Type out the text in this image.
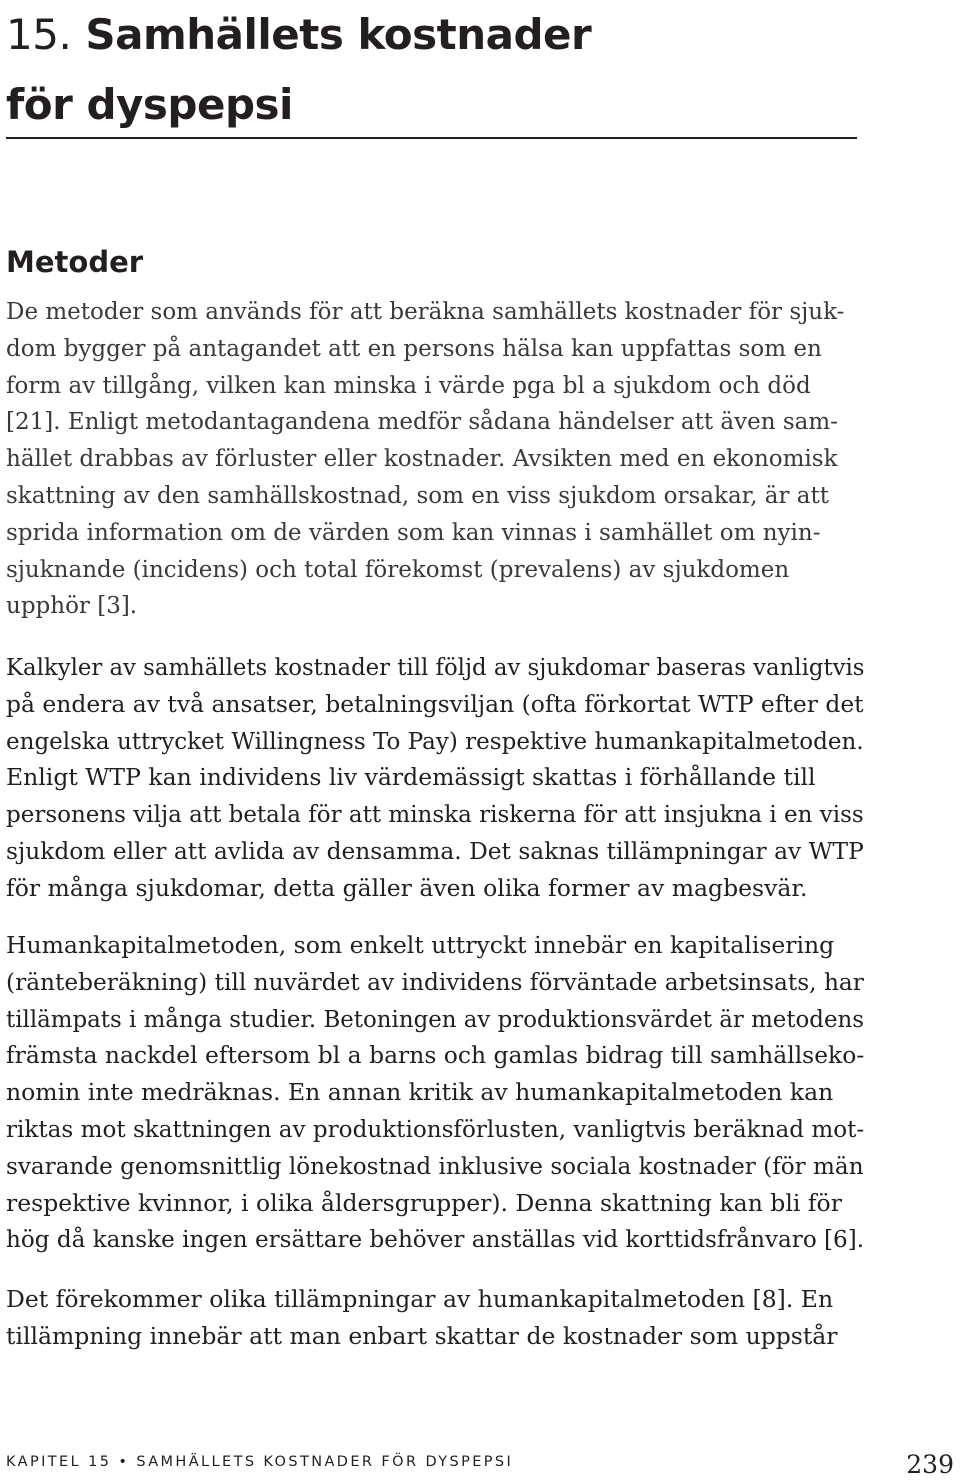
15. Samhällets kostnader
för dyspepsi
Metoder
De metoder som används för att beräkna samhällets kostnader för sjuk-
dom bygger på antagandet att en persons hälsa kan uppfattas som en
form av tillgång, vilken kan minska i värde pga bl a sjukdom och död
[21]. Enligt metodantagandena medför sådana händelser att även sam-
hället drabbas av förluster eller kostnader. Avsikten med en ekonomisk
skattning av den samhällskostnad, som en viss sjukdom orsakar, är att
sprida information om de värden som kan vinnas i samhället om nyin-
sjuknande (incidens) och total förekomst (prevalens) av sjukdomen
upphör [3].
Kalkyler av samhällets kostnader till följd av sjukdomar baseras vanligtvis
på endera av två ansatser, betalningsviljan (ofta förkortat WTP efter det
engelska uttrycket Willingness To Pay) respektive humankapitalmetoden.
Enligt WTP kan individens liv värdemässigt skattas i förhållande till
personens vilja att betala för att minska riskerna för att insjukna i en viss
sjukdom eller att avlida av densamma. Det saknas tillämpningar av WTP
för många sjukdomar, detta gäller även olika former av magbesvär.
Humankapitalmetoden, som enkelt uttryckt innebär en kapitalisering
(ränteberäkning) till nuvärdet av individens förväntade arbetsinsats, har
tillämpats i många studier. Betoningen av produktionsvärdet är metodens
främsta nackdel eftersom bl a barns och gamlas bidrag till samhällseko-
nomin inte medräknas. En annan kritik av humankapitalmetoden kan
riktas mot skattningen av produktionsförlusten, vanligtvis beräknad mot-
svarande genomsnittlig lönekostnad inklusive sociala kostnader (för män
respektive kvinnor, i olika åldersgrupper). Denna skattning kan bli för
hög då kanske ingen ersättare behöver anställas vid korttidsfrånvaro [6].
Det förekommer olika tillämpningar av humankapitalmetoden [8]. En
tillämpning innebär att man enbart skattar de kostnader som uppstår
KAPITEL 15 • SAMHÄLLETS KOSTNADER FÖR DYSPEPSI	239
